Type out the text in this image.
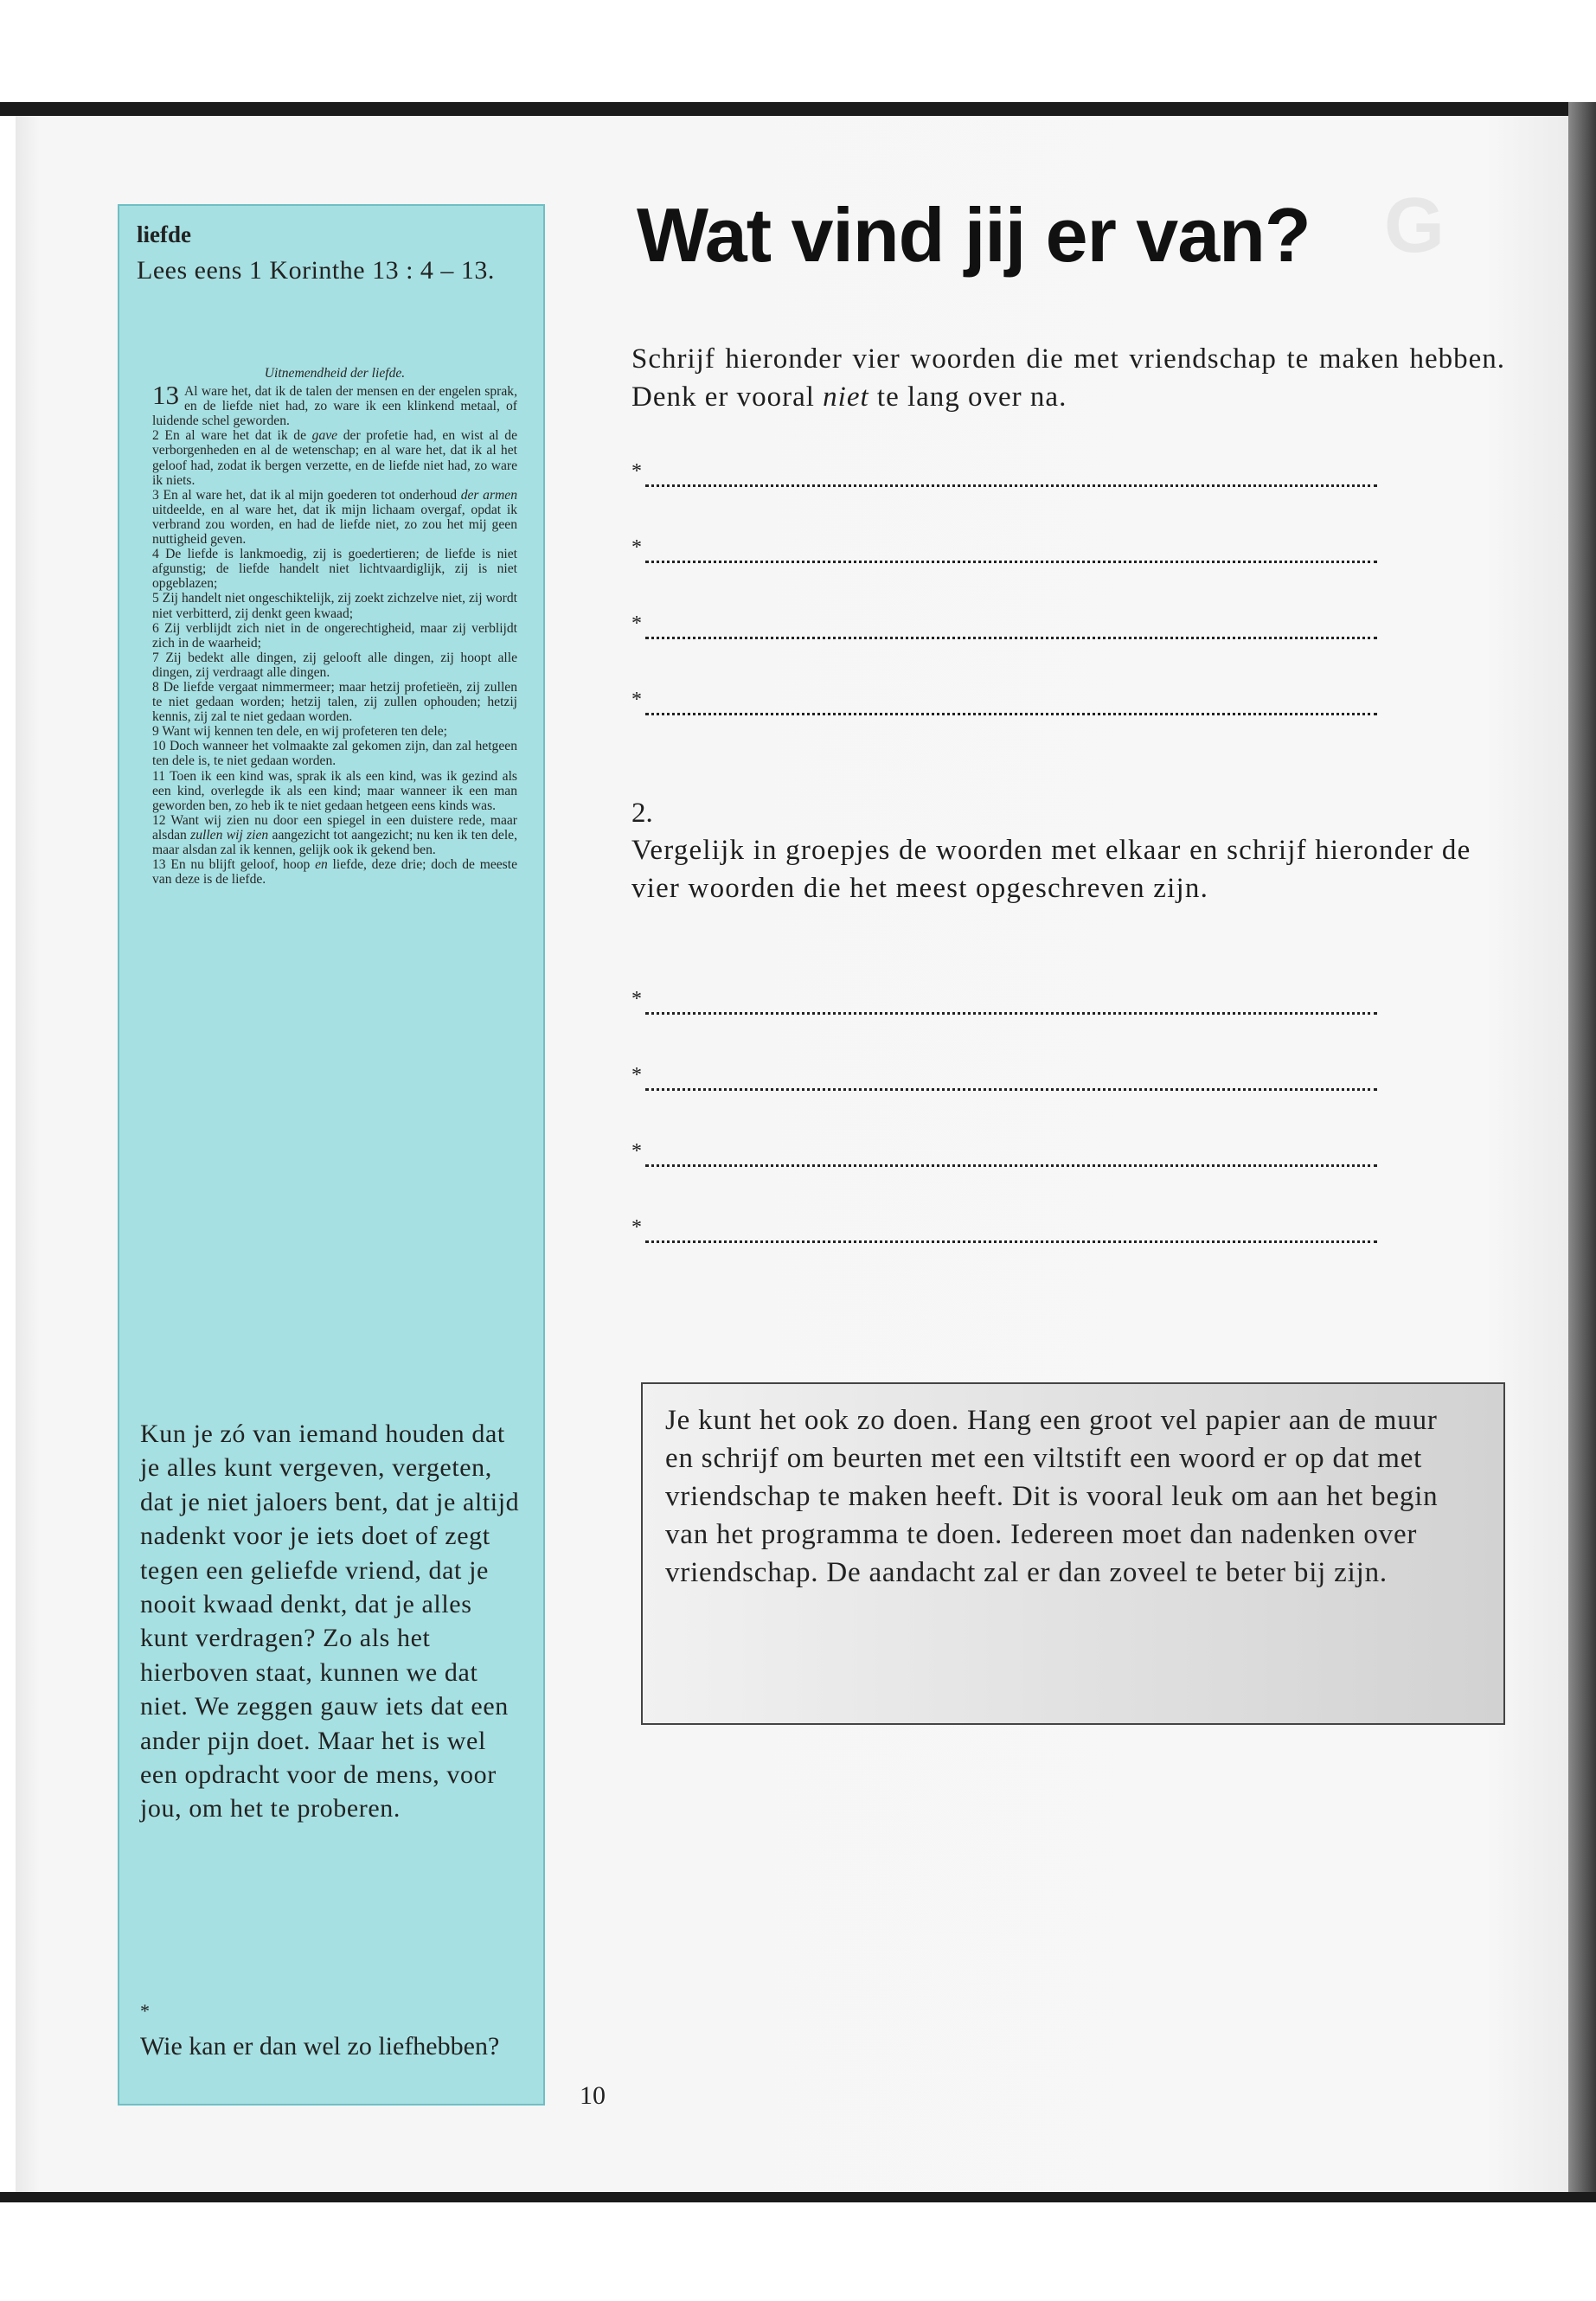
G
liefde
Lees eens 1 Korinthe 13 : 4 – 13.
Uitnemendheid der liefde.

13 Al ware het, dat ik de talen der mensen en der engelen sprak, en de liefde niet had, zo ware ik een klinkend metaal, of luidende schel geworden.

2 En al ware het dat ik de gave der profetie had, en wist al de verborgenheden en al de wetenschap; en al ware het, dat ik al het geloof had, zodat ik bergen verzette, en de liefde niet had, zo ware ik niets.

3 En al ware het, dat ik al mijn goederen tot onderhoud der armen uitdeelde, en al ware het, dat ik mijn lichaam overgaf, opdat ik verbrand zou worden, en had de liefde niet, zo zou het mij geen nuttigheid geven.

4 De liefde is lankmoedig, zij is goedertieren; de liefde is niet afgunstig; de liefde handelt niet lichtvaardiglijk, zij is niet opgeblazen;

5 Zij handelt niet ongeschiktelijk, zij zoekt zichzelve niet, zij wordt niet verbitterd, zij denkt geen kwaad;

6 Zij verblijdt zich niet in de ongerechtigheid, maar zij verblijdt zich in de waarheid;

7 Zij bedekt alle dingen, zij gelooft alle dingen, zij hoopt alle dingen, zij verdraagt alle dingen.

8 De liefde vergaat nimmermeer; maar hetzij profetieën, zij zullen te niet gedaan worden; hetzij talen, zij zullen ophouden; hetzij kennis, zij zal te niet gedaan worden.

9 Want wij kennen ten dele, en wij profeteren ten dele;

10 Doch wanneer het volmaakte zal gekomen zijn, dan zal hetgeen ten dele is, te niet gedaan worden.

11 Toen ik een kind was, sprak ik als een kind, was ik gezind als een kind, overlegde ik als een kind; maar wanneer ik een man geworden ben, zo heb ik te niet gedaan hetgeen eens kinds was.

12 Want wij zien nu door een spiegel in een duistere rede, maar alsdan zullen wij zien aangezicht tot aangezicht; nu ken ik ten dele, maar alsdan zal ik kennen, gelijk ook ik gekend ben.

13 En nu blijft geloof, hoop en liefde, deze drie; doch de meeste van deze is de liefde.

Kun je zó van iemand houden dat je alles kunt vergeven, vergeten, dat je niet jaloers bent, dat je altijd nadenkt voor je iets doet of zegt tegen een geliefde vriend, dat je nooit kwaad denkt, dat je alles kunt verdragen? Zo als het hierboven staat, kunnen we dat niet. We zeggen gauw iets dat een ander pijn doet. Maar het is wel een opdracht voor de mens, voor jou, om het te proberen.
*
Wie kan er dan wel zo liefhebben?
Wat vind jij er van?
Schrijf hieronder vier woorden die met vriendschap te maken hebben. Denk er vooral niet te lang over na.
*
*
*
*
2.
Vergelijk in groepjes de woorden met elkaar en schrijf hieronder de vier woorden die het meest opgeschreven zijn.
*
*
*
*

Je kunt het ook zo doen. Hang een groot vel papier aan de muur en schrijf om beurten met een viltstift een woord er op dat met vriendschap te maken heeft. Dit is vooral leuk om aan het begin van het programma te doen. Iedereen moet dan nadenken over vriendschap. De aandacht zal er dan zoveel te beter bij zijn.

10
